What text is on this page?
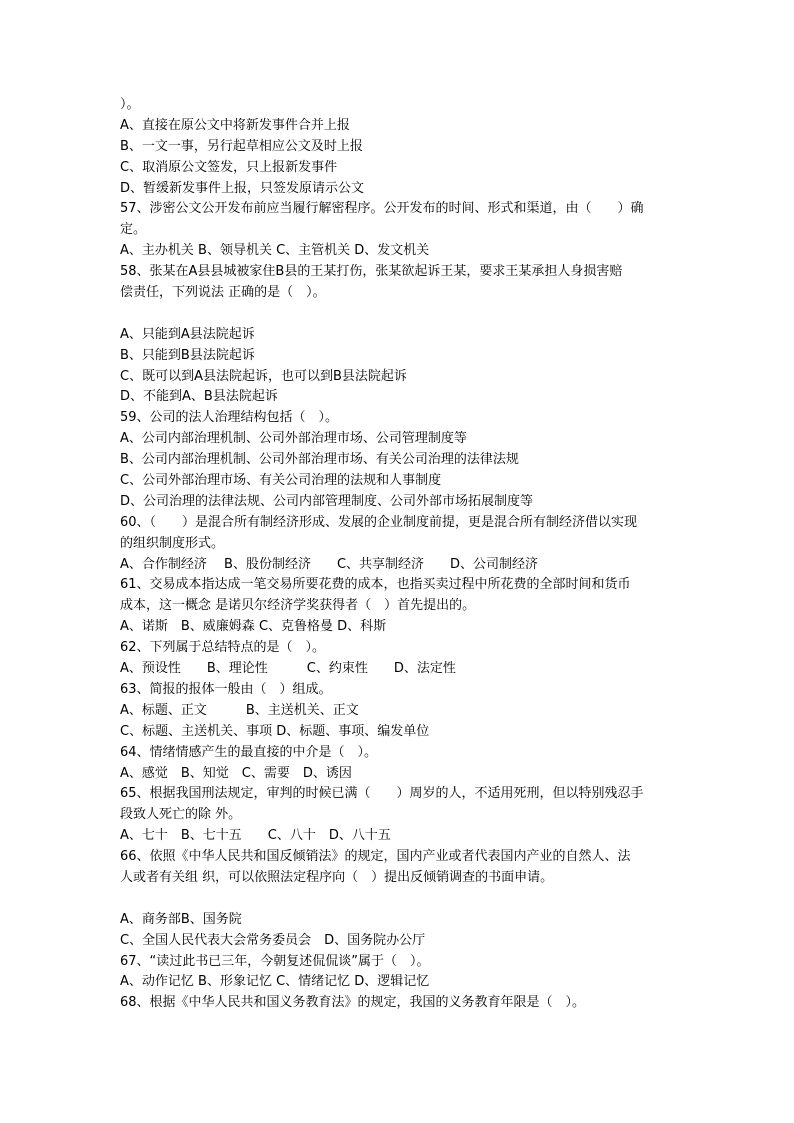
）。
A、直接在原公文中将新发事件合并上报
B、一文一事，另行起草相应公文及时上报
C、取消原公文签发，只上报新发事件
D、暂缓新发事件上报，只签发原请示公文
57、涉密公文公开发布前应当履行解密程序。公开发布的时间、形式和渠道，由（　　）确
定。
A、主办机关 B、领导机关 C、主管机关 D、发文机关
58、张某在A县县城被家住B县的王某打伤，张某欲起诉王某，要求王某承担人身损害赔
偿责任，下列说法 正确的是（　）。
A、只能到A县法院起诉
B、只能到B县法院起诉
C、既可以到A县法院起诉，也可以到B县法院起诉
D、不能到A、B县法院起诉
59、公司的法人治理结构包括（　）。
A、公司内部治理机制、公司外部治理市场、公司管理制度等
B、公司内部治理机制、公司外部治理市场、有关公司治理的法律法规
C、公司外部治理市场、有关公司治理的法规和人事制度
D、公司治理的法律法规、公司内部管理制度、公司外部市场拓展制度等
60、（　　）是混合所有制经济形成、发展的企业制度前提，更是混合所有制经济借以实现
的组织制度形式。
A、合作制经济　 B、股份制经济　　C、共享制经济　　D、公司制经济
61、交易成本指达成一笔交易所要花费的成本，也指买卖过程中所花费的全部时间和货币
成本，这一概念 是诺贝尔经济学奖获得者（　）首先提出的。
A、诺斯　B、威廉姆森 C、克鲁格曼 D、科斯
62、下列属于总结特点的是（　）。
A、预设性　　B、理论性　　　C、约束性　　D、法定性
63、简报的报体一般由（　）组成。
A、标题、正文　　　B、主送机关、正文
C、标题、主送机关、事项 D、标题、事项、编发单位
64、情绪情感产生的最直接的中介是（　）。
A、感觉　B、知觉　C、需要　D、诱因
65、根据我国刑法规定，审判的时候已满（　　）周岁的人，不适用死刑，但以特别残忍手
段致人死亡的除 外。
A、七十　B、七十五　　C、八十　D、八十五
66、依照《中华人民共和国反倾销法》的规定，国内产业或者代表国内产业的自然人、法
人或者有关组 织，可以依照法定程序向（　）提出反倾销调查的书面申请。
A、商务部B、国务院
C、全国人民代表大会常务委员会　D、国务院办公厅
67、“读过此书已三年，今朝复述侃侃谈”属于（　）。
A、动作记忆 B、形象记忆 C、情绪记忆 D、逻辑记忆
68、根据《中华人民共和国义务教育法》的规定，我国的义务教育年限是（　）。
